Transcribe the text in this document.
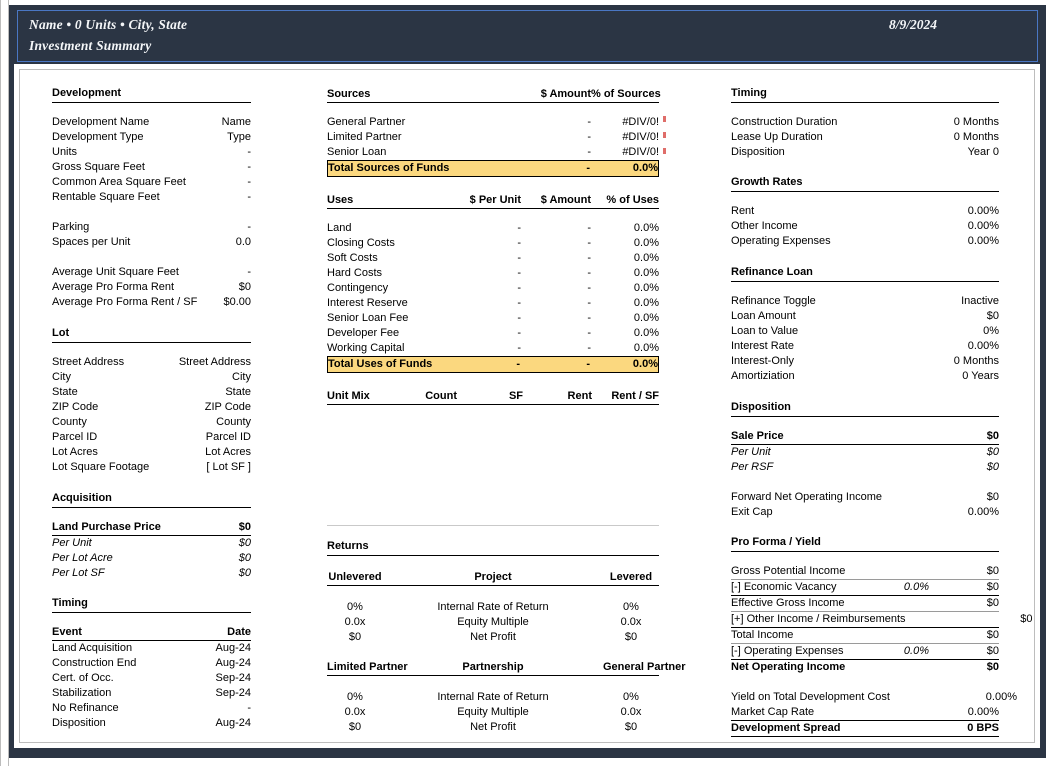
Name • 0 Units • City, State
Investment Summary
8/9/2024
Development
Development Name	Name
Development Type	Type
Units	-
Gross Square Feet	-
Common Area Square Feet	-
Rentable Square Feet	-
Parking	-
Spaces per Unit	0.0
Average Unit Square Feet	-
Average Pro Forma Rent	$0
Average Pro Forma Rent / SF $0.00
Lot
Street Address	Street Address
City	City
State	State
ZIP Code	ZIP Code
County	County
Parcel ID	Parcel ID
Lot Acres	Lot Acres
Lot Square Footage	[ Lot SF ]
Acquisition
Land Purchase Price	$0
Per Unit	$0
Per Lot Acre	$0
Per Lot SF	$0
Timing
Event	Date
Land Acquisition	Aug-24
Construction End	Aug-24
Cert. of Occ.	Sep-24
Stabilization	Sep-24
No Refinance	-
Disposition	Aug-24
Sources	$ Amount % of Sources
General Partner	-	#DIV/0!
Limited Partner	-	#DIV/0!
Senior Loan	-	#DIV/0!
Total Sources of Funds	-	0.0%
Uses	$ Per Unit	$ Amount	% of Uses
Land	-	-	0.0%
Closing Costs	-	-	0.0%
Soft Costs	-	-	0.0%
Hard Costs	-	-	0.0%
Contingency	-	-	0.0%
Interest Reserve	-	-	0.0%
Senior Loan Fee	-	-	0.0%
Developer Fee	-	-	0.0%
Working Capital	-	-	0.0%
Total Uses of Funds	-	-	0.0%
Unit Mix	Count	SF	Rent	Rent / SF
Returns
Unlevered	Project	Levered
0%	Internal Rate of Return	0%
0.0x	Equity Multiple	0.0x
$0	Net Profit	$0
Limited Partner	Partnership	General Partner
0%	Internal Rate of Return	0%
0.0x	Equity Multiple	0.0x
$0	Net Profit	$0
Timing
Construction Duration	0 Months
Lease Up Duration	0 Months
Disposition	Year 0
Growth Rates
Rent	0.00%
Other Income	0.00%
Operating Expenses	0.00%
Refinance Loan
Refinance Toggle	Inactive
Loan Amount	$0
Loan to Value	0%
Interest Rate	0.00%
Interest-Only	0 Months
Amortiziation	0 Years
Disposition
Sale Price	$0
Per Unit	$0
Per RSF	$0
Forward Net Operating Income	$0
Exit Cap	0.00%
Pro Forma / Yield
Gross Potential Income	$0
[-] Economic Vacancy	0.0%	$0
Effective Gross Income	$0
[+] Other Income / Reimbursements	$0
Total Income	$0
[-] Operating Expenses	0.0%	$0
Net Operating Income	$0
Yield on Total Development Cost	0.00%
Market Cap Rate	0.00%
Development Spread	0 BPS
